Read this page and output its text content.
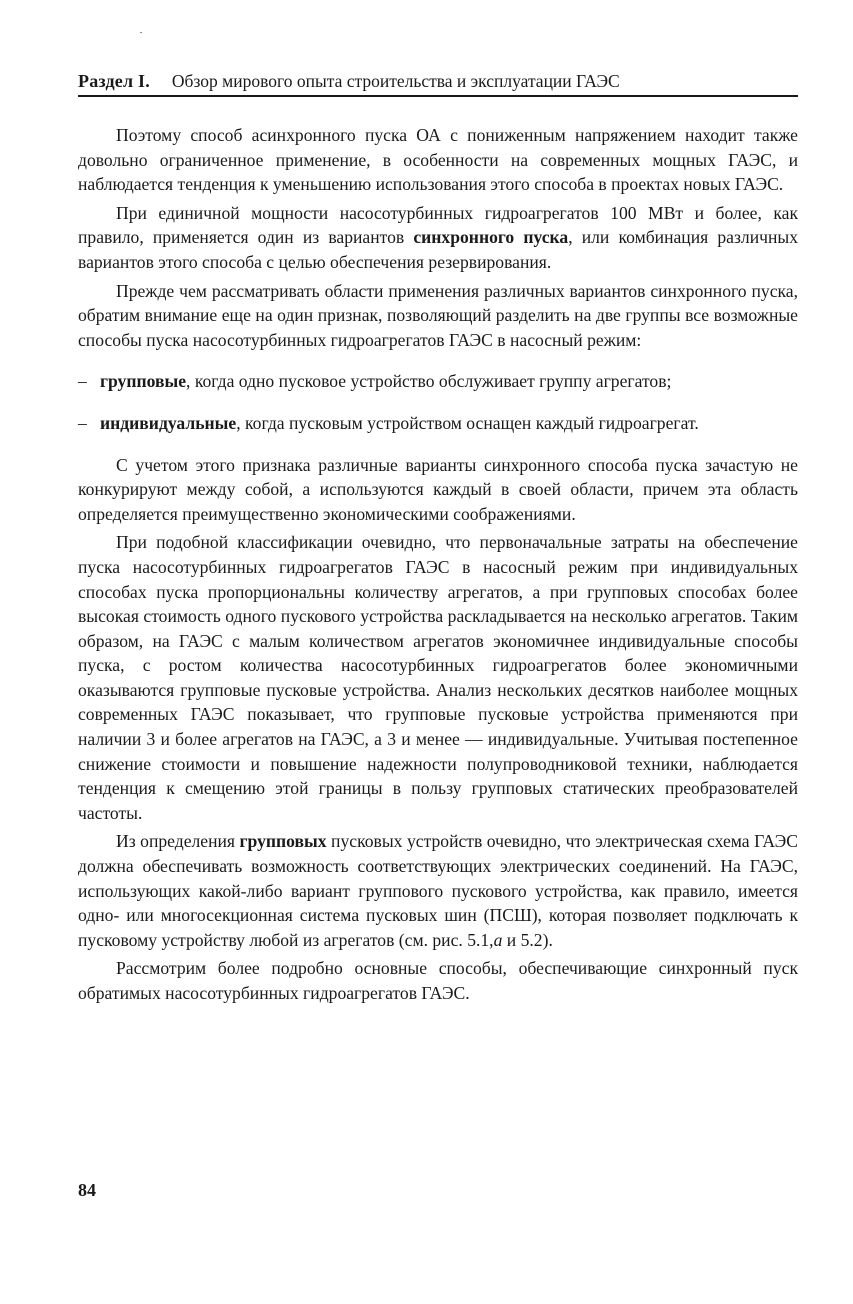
Раздел I. Обзор мирового опыта строительства и эксплуатации ГАЭС

Поэтому способ асинхронного пуска ОА с пониженным напряжением находит также довольно ограниченное применение, в особенности на современных мощных ГАЭС, и наблюдается тенденция к уменьшению использования этого способа в проектах новых ГАЭС.

При единичной мощности насосотурбинных гидроагрегатов 100 МВт и более, как правило, применяется один из вариантов синхронного пуска, или комбинация различных вариантов этого способа с целью обеспечения резервирования.

Прежде чем рассматривать области применения различных вариантов синхронного пуска, обратим внимание еще на один признак, позволяющий разделить на две группы все возможные способы пуска насосотурбинных гидроагрегатов ГАЭС в насосный режим:

– групповые, когда одно пусковое устройство обслуживает группу агрегатов;
– индивидуальные, когда пусковым устройством оснащен каждый гидроагрегат.

С учетом этого признака различные варианты синхронного способа пуска зачастую не конкурируют между собой, а используются каждый в своей области, причем эта область определяется преимущественно экономическими соображениями.

При подобной классификации очевидно, что первоначальные затраты на обеспечение пуска насосотурбинных гидроагрегатов ГАЭС в насосный режим при индивидуальных способах пуска пропорциональны количеству агрегатов, а при групповых способах более высокая стоимость одного пускового устройства раскладывается на несколько агрегатов. Таким образом, на ГАЭС с малым количеством агрегатов экономичнее индивидуальные способы пуска, с ростом количества насосотурбинных гидроагрегатов более экономичными оказываются групповые пусковые устройства. Анализ нескольких десятков наиболее мощных современных ГАЭС показывает, что групповые пусковые устройства применяются при наличии 3 и более агрегатов на ГАЭС, а 3 и менее — индивидуальные. Учитывая постепенное снижение стоимости и повышение надежности полупроводниковой техники, наблюдается тенденция к смещению этой границы в пользу групповых статических преобразователей частоты.

Из определения групповых пусковых устройств очевидно, что электрическая схема ГАЭС должна обеспечивать возможность соответствующих электрических соединений. На ГАЭС, использующих какой-либо вариант группового пускового устройства, как правило, имеется одно- или многосекционная система пусковых шин (ПСШ), которая позволяет подключать к пусковому устройству любой из агрегатов (см. рис. 5.1,а и 5.2).

Рассмотрим более подробно основные способы, обеспечивающие синхронный пуск обратимых насосотурбинных гидроагрегатов ГАЭС.

84
